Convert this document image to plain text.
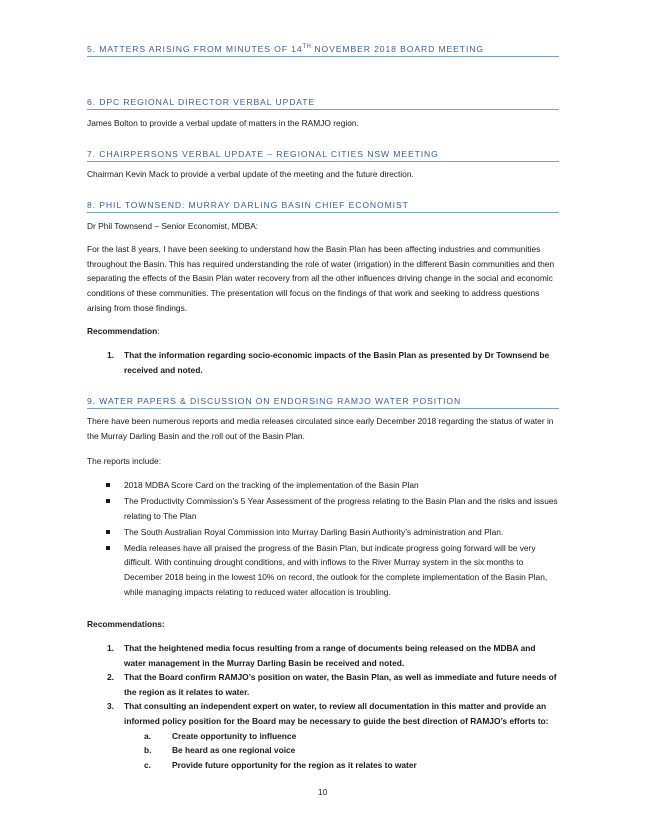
5. MATTERS ARISING FROM MINUTES OF 14TH NOVEMBER 2018 BOARD MEETING
6. DPC REGIONAL DIRECTOR VERBAL UPDATE
James Bolton to provide a verbal update of matters in the RAMJO region.
7. CHAIRPERSONS VERBAL UPDATE – REGIONAL CITIES NSW MEETING
Chairman Kevin Mack to provide a verbal update of the meeting and the future direction.
8. PHIL TOWNSEND: MURRAY DARLING BASIN CHIEF ECONOMIST
Dr Phil Townsend – Senior Economist, MDBA:
For the last 8 years, I have been seeking to understand how the Basin Plan has been affecting industries and communities throughout the Basin. This has required understanding the role of water (irrigation) in the different Basin communities and then separating the effects of the Basin Plan water recovery from all the other influences driving change in the social and economic conditions of these communities. The presentation will focus on the findings of that work and seeking to address questions arising from those findings.
Recommendation:
1. That the information regarding socio-economic impacts of the Basin Plan as presented by Dr Townsend be received and noted.
9. WATER PAPERS & DISCUSSION ON ENDORSING RAMJO WATER POSITION
There have been numerous reports and media releases circulated since early December 2018 regarding the status of water in the Murray Darling Basin and the roll out of the Basin Plan.
The reports include:
2018 MDBA Score Card on the tracking of the implementation of the Basin Plan
The Productivity Commission’s 5 Year Assessment of the progress relating to the Basin Plan and the risks and issues relating to The Plan
The South Australian Royal Commission into Murray Darling Basin Authority’s administration and Plan.
Media releases have all praised the progress of the Basin Plan, but indicate progress going forward will be very difficult. With continuing drought conditions, and with inflows to the River Murray system in the six months to December 2018 being in the lowest 10% on record, the outlook for the complete implementation of the Basin Plan, while managing impacts relating to reduced water allocation is troubling.
Recommendations:
1. That the heightened media focus resulting from a range of documents being released on the MDBA and water management in the Murray Darling Basin be received and noted.
2. That the Board confirm RAMJO’s position on water, the Basin Plan, as well as immediate and future needs of the region as it relates to water.
3. That consulting an independent expert on water, to review all documentation in this matter and provide an informed policy position for the Board may be necessary to guide the best direction of RAMJO’s efforts to:
a.	Create opportunity to influence
b. Be heard as one regional voice
c.	Provide future opportunity for the region as it relates to water
10
